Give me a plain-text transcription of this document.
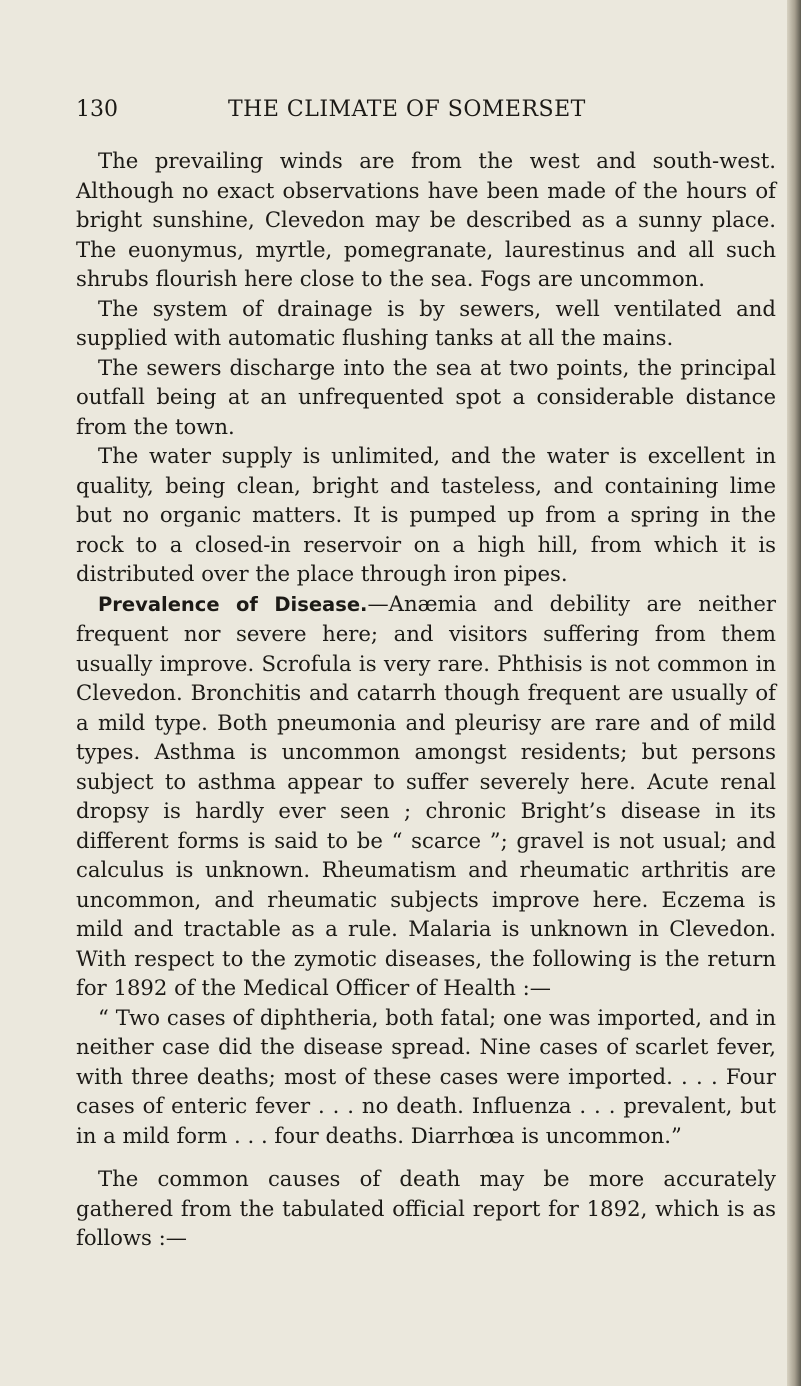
130	THE CLIMATE OF SOMERSET

The prevailing winds are from the west and south-west. Although no exact observations have been made of the hours of bright sunshine, Clevedon may be described as a sunny place. The euonymus, myrtle, pomegranate, laurestinus and all such shrubs flourish here close to the sea. Fogs are uncommon.

The system of drainage is by sewers, well ventilated and supplied with automatic flushing tanks at all the mains.

The sewers discharge into the sea at two points, the principal outfall being at an unfrequented spot a considerable distance from the town.

The water supply is unlimited, and the water is excellent in quality, being clean, bright and tasteless, and containing lime but no organic matters. It is pumped up from a spring in the rock to a closed-in reservoir on a high hill, from which it is distributed over the place through iron pipes.

Prevalence of Disease.—Anæmia and debility are neither frequent nor severe here; and visitors suffering from them usually improve. Scrofula is very rare. Phthisis is not common in Clevedon. Bronchitis and catarrh though frequent are usually of a mild type. Both pneumonia and pleurisy are rare and of mild types. Asthma is uncommon amongst residents; but persons subject to asthma appear to suffer severely here. Acute renal dropsy is hardly ever seen ; chronic Bright’s disease in its different forms is said to be “ scarce ”; gravel is not usual; and calculus is unknown. Rheumatism and rheumatic arthritis are uncommon, and rheumatic subjects improve here. Eczema is mild and tractable as a rule. Malaria is unknown in Clevedon. With respect to the zymotic diseases, the following is the return for 1892 of the Medical Officer of Health :—

“ Two cases of diphtheria, both fatal; one was imported, and in neither case did the disease spread. Nine cases of scarlet fever, with three deaths; most of these cases were imported. . . . Four cases of enteric fever . . . no death. Influenza . . . prevalent, but in a mild form . . . four deaths. Diarrhœa is uncommon.”

The common causes of death may be more accurately gathered from the tabulated official report for 1892, which is as follows :—
